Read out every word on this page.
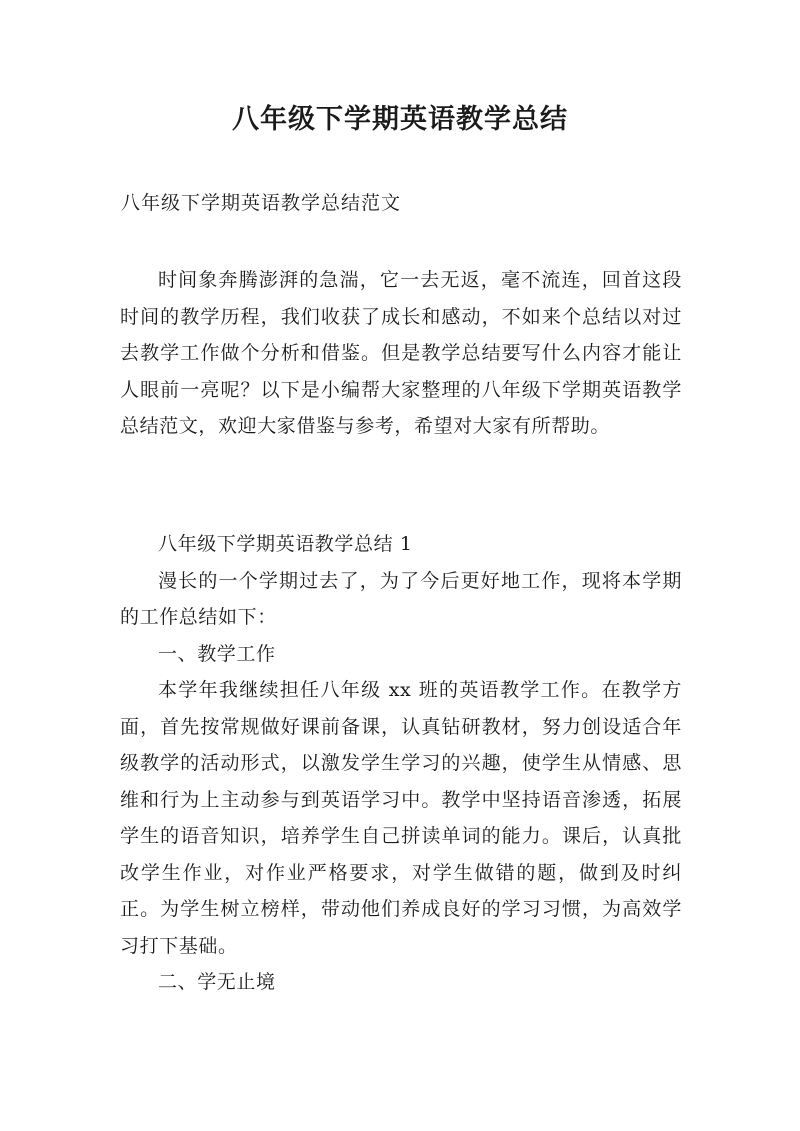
八年级下学期英语教学总结
八年级下学期英语教学总结范文

时间象奔腾澎湃的急湍，它一去无返，毫不流连，回首这段时间的教学历程，我们收获了成长和感动，不如来个总结以对过去教学工作做个分析和借鉴。但是教学总结要写什么内容才能让人眼前一亮呢？以下是小编帮大家整理的八年级下学期英语教学总结范文，欢迎大家借鉴与参考，希望对大家有所帮助。

八年级下学期英语教学总结 1

漫长的一个学期过去了，为了今后更好地工作，现将本学期的工作总结如下：

一、教学工作

本学年我继续担任八年级 xx 班的英语教学工作。在教学方面，首先按常规做好课前备课，认真钻研教材，努力创设适合年级教学的活动形式，以激发学生学习的兴趣，使学生从情感、思维和行为上主动参与到英语学习中。教学中坚持语音渗透，拓展学生的语音知识，培养学生自己拼读单词的能力。课后，认真批改学生作业，对作业严格要求，对学生做错的题，做到及时纠正。为学生树立榜样，带动他们养成良好的学习习惯，为高效学习打下基础。

二、学无止境
